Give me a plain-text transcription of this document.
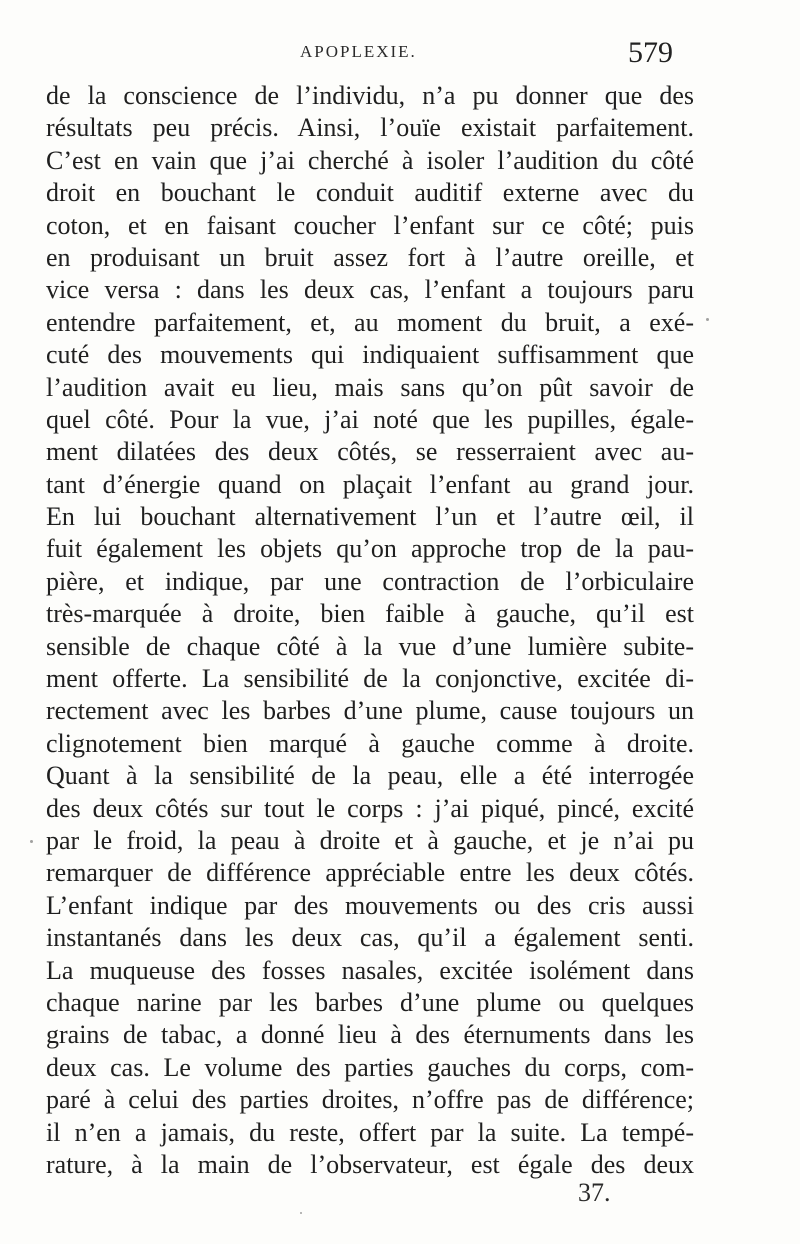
APOPLEXIE.	579
de la conscience de l’individu, n’a pu donner que des
résultats peu précis. Ainsi, l’ouïe existait parfaitement.
C’est en vain que j’ai cherché à isoler l’audition du côté
droit en bouchant le conduit auditif externe avec du
coton, et en faisant coucher l’enfant sur ce côté; puis
en produisant un bruit assez fort à l’autre oreille, et
vice versa : dans les deux cas, l’enfant a toujours paru
entendre parfaitement, et, au moment du bruit, a exé-
cuté des mouvements qui indiquaient suffisamment que
l’audition avait eu lieu, mais sans qu’on pût savoir de
quel côté. Pour la vue, j’ai noté que les pupilles, égale-
ment dilatées des deux côtés, se resserraient avec au-
tant d’énergie quand on plaçait l’enfant au grand jour.
En lui bouchant alternativement l’un et l’autre œil, il
fuit également les objets qu’on approche trop de la pau-
pière, et indique, par une contraction de l’orbiculaire
très-marquée à droite, bien faible à gauche, qu’il est
sensible de chaque côté à la vue d’une lumière subite-
ment offerte. La sensibilité de la conjonctive, excitée di-
rectement avec les barbes d’une plume, cause toujours un
clignotement bien marqué à gauche comme à droite.
Quant à la sensibilité de la peau, elle a été interrogée
des deux côtés sur tout le corps : j’ai piqué, pincé, excité
par le froid, la peau à droite et à gauche, et je n’ai pu
remarquer de différence appréciable entre les deux côtés.
L’enfant indique par des mouvements ou des cris aussi
instantanés dans les deux cas, qu’il a également senti.
La muqueuse des fosses nasales, excitée isolément dans
chaque narine par les barbes d’une plume ou quelques
grains de tabac, a donné lieu à des éternuments dans les
deux cas. Le volume des parties gauches du corps, com-
paré à celui des parties droites, n’offre pas de différence;
il n’en a jamais, du reste, offert par la suite. La tempé-
rature, à la main de l’observateur, est égale des deux
37.
